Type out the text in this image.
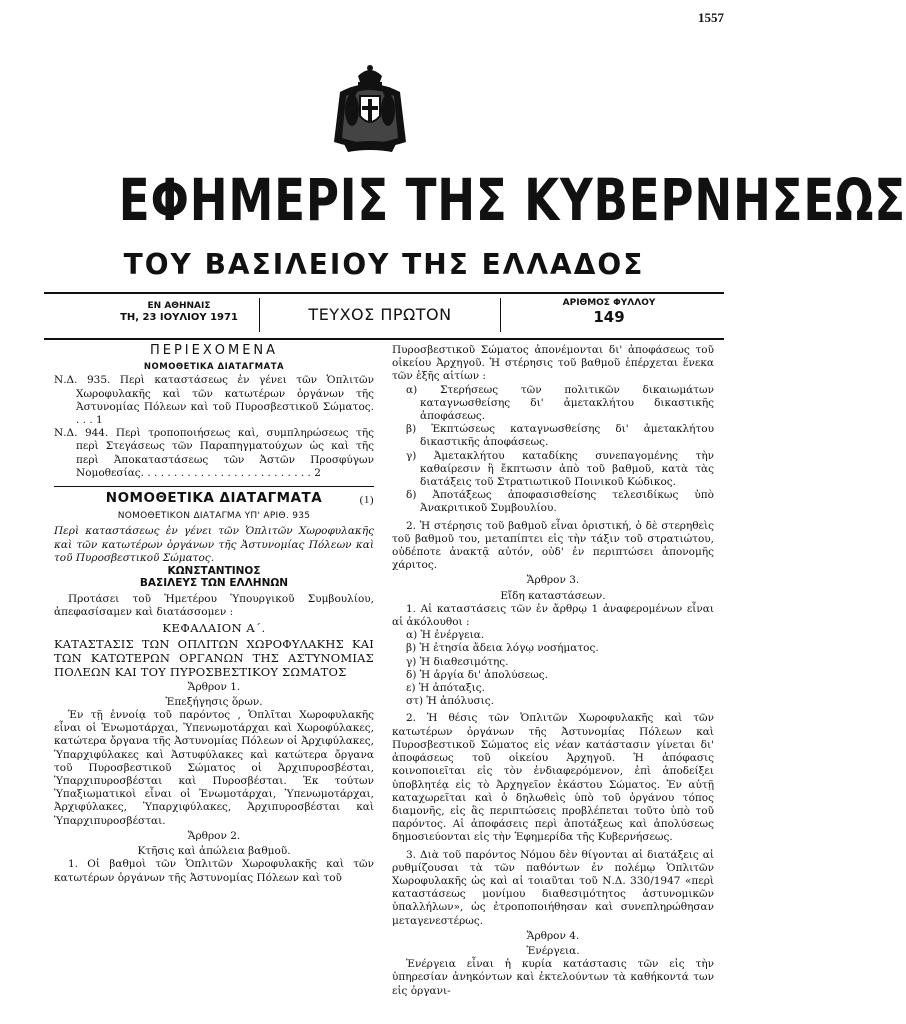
1557
ΕΦΗΜΕΡΙΣ ΤΗΣ ΚΥΒΕΡΝΗΣΕΩΣ
ΤΟΥ ΒΑΣΙΛΕΙΟΥ ΤΗΣ ΕΛΛΑΔΟΣ
ΕΝ ΑΘΗΝΑΙΣ
ΤΗ, 23 ΙΟΥΛΙΟΥ 1971	ΤΕΥΧΟΣ ΠΡΩΤΟΝ
ΑΡΙΘΜΟΣ ΦΥΛΛΟΥ
149
ΠΕΡΙΕΧΟΜΕΝΑ
ΝΟΜΟΘΕΤΙΚΑ ΔΙΑΤΑΓΜΑΤΑ

Ν.Δ. 935. Περὶ καταστάσεως ἐν γένει τῶν Ὁπλιτῶν Χωροφυλακῆς καὶ τῶν κατωτέρων ὀργάνων τῆς Ἀστυνομίας Πόλεων καὶ τοῦ Πυροσβεστικοῦ Σώματος. . . . 1

Ν.Δ. 944. Περὶ τροποποιήσεως καὶ, συμπληρώσεως τῆς περὶ Στεγάσεως τῶν Παραπηγματούχων ὡς καὶ τῆς περὶ Ἀποκαταστάσεως τῶν Ἀστῶν Προσφύγων Νομοθεσίας. . . . . . . . . . . . . . . . . . . . . . . . . . 2

ΝΟΜΟΘΕΤΙΚΑ ΔΙΑΤΑΓΜΑΤΑ	(1)
ΝΟΜΟΘΕΤΙΚΟΝ ΔΙΑΤΑΓΜΑ ΥΠ' ΑΡΙΘ. 935

Περὶ καταστάσεως ἐν γένει τῶν Ὁπλιτῶν Χωροφυλακῆς καὶ τῶν κατωτέρων ὀργάνων τῆς Ἀστυνομίας Πόλεων καὶ τοῦ Πυροσβεστικοῦ Σώματος.

ΚΩΝΣΤΑΝΤΙΝΟΣ
ΒΑΣΙΛΕΥΣ ΤΩΝ ΕΛΛΗΝΩΝ

Προτάσει τοῦ Ἡμετέρου Ὑπουργικοῦ Συμβουλίου, ἀπεφασίσαμεν καὶ διατάσσομεν :

ΚΕΦΑΛΑΙΟΝ Α΄.

ΚΑΤΑΣΤΑΣΙΣ ΤΩΝ ΟΠΛΙΤΩΝ ΧΩΡΟΦΥΛΑΚΗΣ ΚΑΙ ΤΩΝ ΚΑΤΩΤΕΡΩΝ ΟΡΓΑΝΩΝ ΤΗΣ ΑΣΤΥΝΟΜΙΑΣ ΠΟΛΕΩΝ ΚΑΙ ΤΟΥ ΠΥΡΟΣΒΕΣΤΙΚΟΥ ΣΩΜΑΤΟΣ

Ἄρθρον 1.
Ἐπεξήγησις ὅρων.

Ἐν τῇ ἐννοίᾳ τοῦ παρόντος , Ὁπλῖται Χωροφυλακῆς εἶναι οἱ Ἐνωμοτάρχαι, Ὑπενωμοτάρχαι καὶ Χωροφύλακες, κατώτερα ὄργανα τῆς Ἀστυνομίας Πόλεων οἱ Ἀρχιφύλακες, Ὑπαρχιφύλακες καὶ Ἀστυφύλακες καὶ κατώτερα ὄργανα τοῦ Πυροσβεστικοῦ Σώματος οἱ Ἀρχιπυροσβέσται, Ὑπαρχιπυροσβέσται καὶ Πυροσβέσται. Ἐκ τούτων Ὑπαξιωματικοὶ εἶναι οἱ Ἐνωμοτάρχαι, Ὑπενωμοτάρχαι, Ἀρχιφύλακες, Ὑπαρχιφύλακες, Ἀρχιπυροσβέσται καὶ Ὑπαρχιπυροσβέσται.

Ἄρθρον 2.
Κτῆσις καὶ ἀπώλεια βαθμοῦ.

1. Οἱ βαθμοὶ τῶν Ὁπλιτῶν Χωροφυλακῆς καὶ τῶν κατωτέρων ὀργάνων τῆς Ἀστυνομίας Πόλεων καὶ τοῦ

Πυροσβεστικοῦ Σώματος ἀπονέμονται δι' ἀποφάσεως τοῦ οἰκείου Ἀρχηγοῦ. Ἡ στέρησις τοῦ βαθμοῦ ἐπέρχεται ἕνεκα τῶν ἑξῆς αἰτίων :

α) Στερήσεως τῶν πολιτικῶν δικαιωμάτων καταγνωσθείσης δι' ἀμετακλήτου δικαστικῆς ἀποφάσεως.

β) Ἐκπτώσεως καταγνωσθείσης δι' ἀμετακλήτου δικαστικῆς ἀποφάσεως.

γ) Ἀμετακλήτου καταδίκης συνεπαγομένης τὴν καθαίρεσιν ἢ ἔκπτωσιν ἀπὸ τοῦ βαθμοῦ, κατὰ τὰς διατάξεις τοῦ Στρατιωτικοῦ Ποινικοῦ Κώδικος.

δ) Ἀποτάξεως ἀποφασισθείσης τελεσιδίκως ὑπὸ Ἀνακριτικοῦ Συμβουλίου.

2. Ἡ στέρησις τοῦ βαθμοῦ εἶναι ὁριστική, ὁ δὲ στερηθεὶς τοῦ βαθμοῦ του, μεταπίπτει εἰς τὴν τάξιν τοῦ στρατιώτου, οὐδέποτε ἀνακτᾷ αὐτόν, οὐδ' ἐν περιπτώσει ἀπονομῆς χάριτος.

Ἄρθρον 3.
Εἴδη καταστάσεων.

1. Αἱ καταστάσεις τῶν ἐν ἄρθρῳ 1 ἀναφερομένων εἶναι αἱ ἀκόλουθοι :

α) Ἡ ἐνέργεια.

β) Ἡ ἐτησία ἄδεια λόγῳ νοσήματος.

γ) Ἡ διαθεσιμότης.

δ) Ἡ ἀργία δι' ἀπολύσεως.

ε) Ἡ ἀπόταξις.

στ) Ἡ ἀπόλυσις.

2. Ἡ θέσις τῶν Ὁπλιτῶν Χωροφυλακῆς καὶ τῶν κατωτέρων ὀργάνων τῆς Ἀστυνομίας Πόλεων καὶ Πυροσβεστικοῦ Σώματος εἰς νέαν κατάστασιν γίνεται δι' ἀποφάσεως τοῦ οἰκείου Ἀρχηγοῦ. Ἡ ἀπόφασις κοινοποιεῖται εἰς τὸν ἐνδιαφερόμενον, ἐπὶ ἀποδείξει ὑποβλητέᾳ εἰς τὸ Ἀρχηγεῖον ἑκάστου Σώματος. Ἐν αὐτῇ καταχωρεῖται καὶ ὁ δηλωθεὶς ὑπὸ τοῦ ὀργάνου τόπος διαμονῆς, εἰς ἃς περιπτώσεις προβλέπεται τοῦτο ὑπὸ τοῦ παρόντος. Αἱ ἀποφάσεις περὶ ἀποτάξεως καὶ ἀπολύσεως δημοσιεύονται εἰς τὴν Ἐφημερίδα τῆς Κυβερνήσεως.

3. Διὰ τοῦ παρόντος Νόμου δὲν θίγονται αἱ διατάξεις αἱ ρυθμίζουσαι τὰ τῶν παθόντων ἐν πολέμῳ Ὁπλιτῶν Χωροφυλακῆς ὡς καὶ αἱ τοιαῦται τοῦ Ν.Δ. 330/1947 «περὶ καταστάσεως μονίμου διαθεσιμότητος ἀστυνομικῶν ὑπαλλήλων», ὡς ἐτροποποιήθησαν καὶ συνεπληρώθησαν μεταγενεστέρως.

Ἄρθρον 4.
Ἐνέργεια.

Ἐνέργεια εἶναι ἡ κυρία κατάστασις τῶν εἰς τὴν ὑπηρεσίαν ἀνηκόντων καὶ ἐκτελούντων τὰ καθήκοντά των εἰς ὀργανι-
